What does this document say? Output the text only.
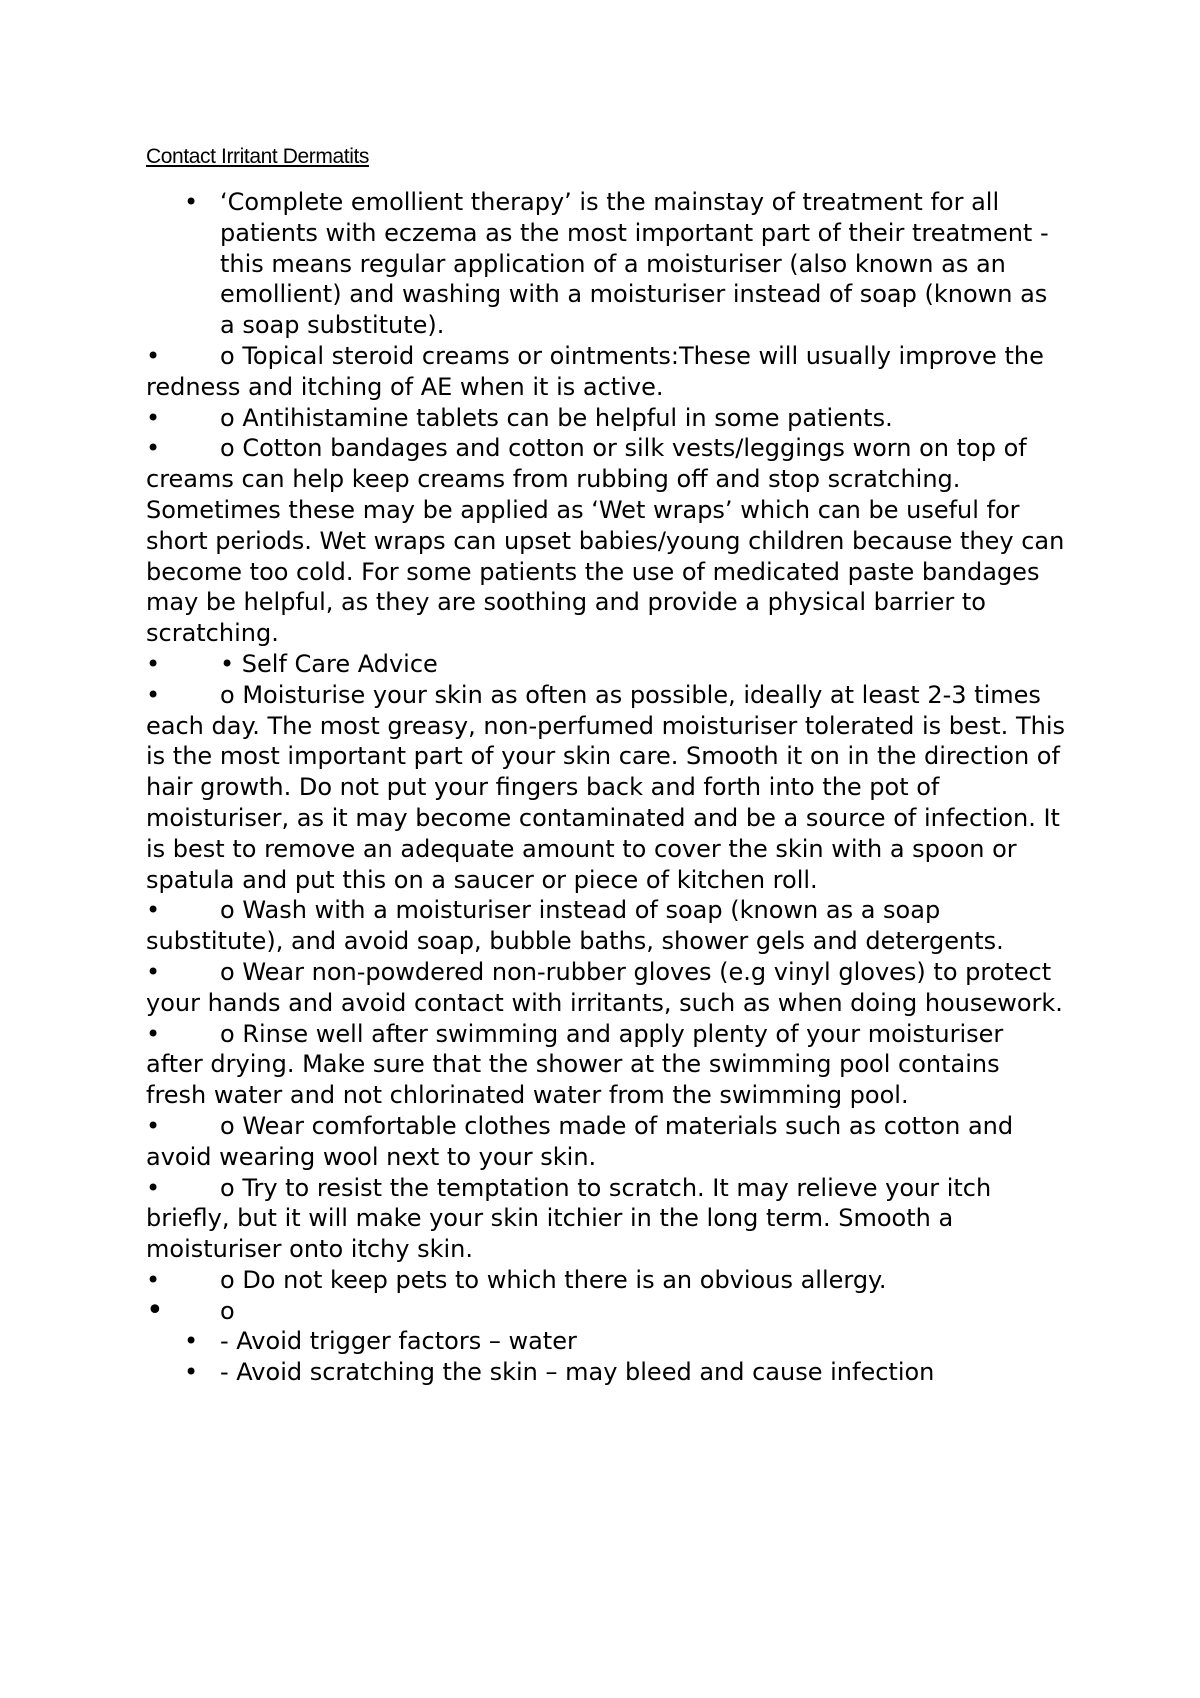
Contact Irritant Dermatits
• ‘Complete emollient therapy’ is the mainstay of treatment for all patients with eczema as the most important part of their treatment - this means regular application of a moisturiser (also known as an emollient) and washing with a moisturiser instead of soap (known as a soap substitute).
• o Topical steroid creams or ointments:These will usually improve the redness and itching of AE when it is active.
• o Antihistamine tablets can be helpful in some patients.
• o Cotton bandages and cotton or silk vests/leggings worn on top of creams can help keep creams from rubbing off and stop scratching. Sometimes these may be applied as ‘Wet wraps’ which can be useful for short periods. Wet wraps can upset babies/young children because they can become too cold. For some patients the use of medicated paste bandages may be helpful, as they are soothing and provide a physical barrier to scratching.
• • Self Care Advice
• o Moisturise your skin as often as possible, ideally at least 2-3 times each day. The most greasy, non-perfumed moisturiser tolerated is best. This is the most important part of your skin care. Smooth it on in the direction of hair growth. Do not put your fingers back and forth into the pot of moisturiser, as it may become contaminated and be a source of infection. It is best to remove an adequate amount to cover the skin with a spoon or spatula and put this on a saucer or piece of kitchen roll.
• o Wash with a moisturiser instead of soap (known as a soap substitute), and avoid soap, bubble baths, shower gels and detergents.
• o Wear non-powdered non-rubber gloves (e.g vinyl gloves) to protect your hands and avoid contact with irritants, such as when doing housework.
• o Rinse well after swimming and apply plenty of your moisturiser after drying. Make sure that the shower at the swimming pool contains fresh water and not chlorinated water from the swimming pool.
• o Wear comfortable clothes made of materials such as cotton and avoid wearing wool next to your skin.
• o Try to resist the temptation to scratch. It may relieve your itch briefly, but it will make your skin itchier in the long term. Smooth a moisturiser onto itchy skin.
• o Do not keep pets to which there is an obvious allergy.
• o
• - Avoid trigger factors – water
• - Avoid scratching the skin – may bleed and cause infection
